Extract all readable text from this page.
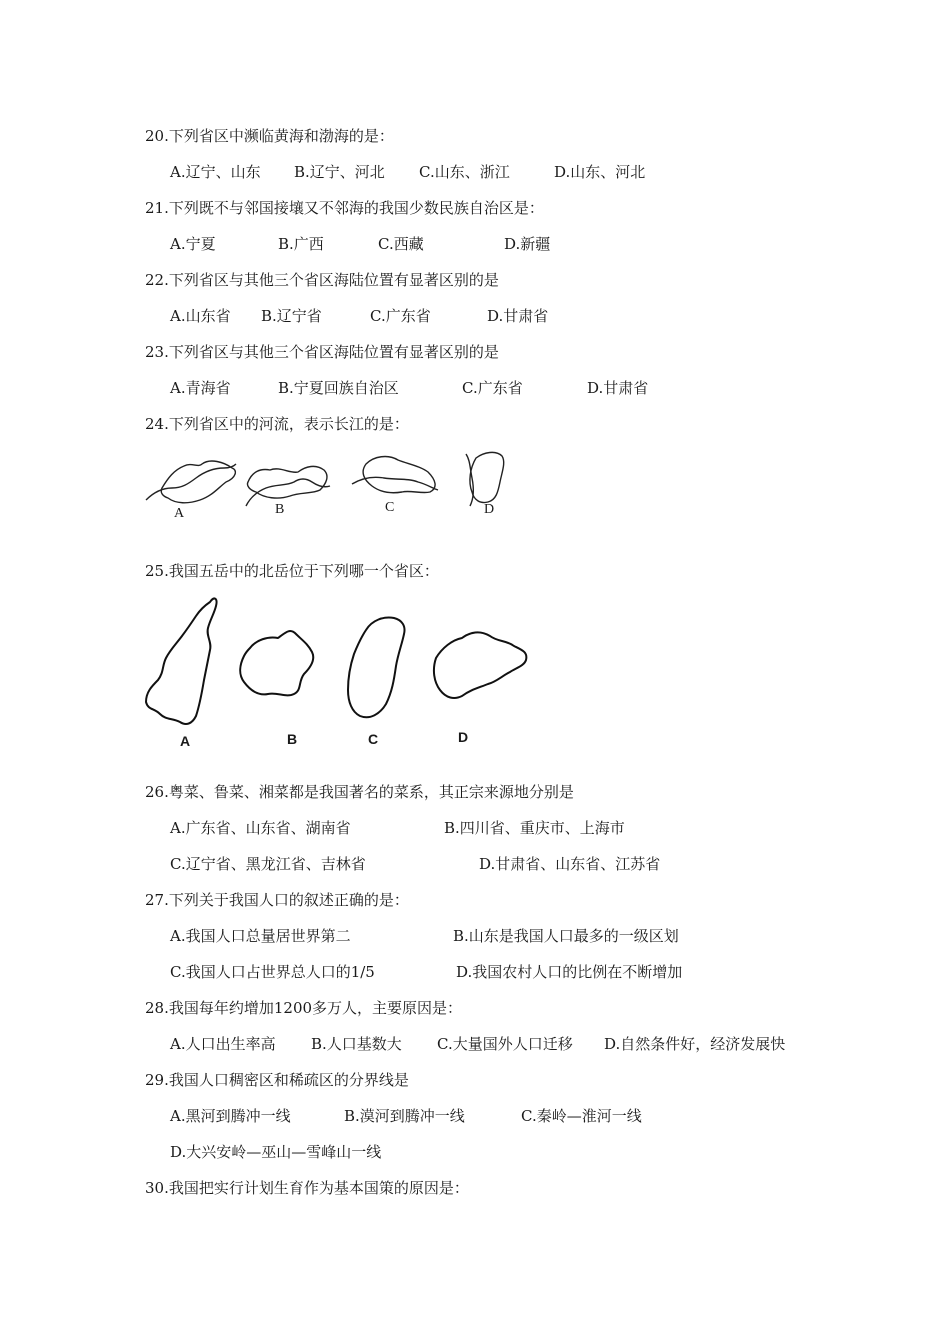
20.下列省区中濒临黄海和渤海的是：
A.辽宁、山东 B.辽宁、河北 C.山东、浙江	D.山东、河北
21.下列既不与邻国接壤又不邻海的我国少数民族自治区是：
A.宁夏	B.广西	C.西藏	D.新疆
22.下列省区与其他三个省区海陆位置有显著区别的是
A.山东省 B.辽宁省	C.广东省	D.甘肃省
23.下列省区与其他三个省区海陆位置有显著区别的是
A.青海省	B.宁夏回族自治区	C.广东省	D.甘肃省
24.下列省区中的河流，表示长江的是：
A	B	C	D
25.我国五岳中的北岳位于下列哪一个省区：
A	B	C	D
26.粤菜、鲁菜、湘菜都是我国著名的菜系，其正宗来源地分别是
A.广东省、山东省、湖南省	B.四川省、重庆市、上海市
C.辽宁省、黑龙江省、吉林省	D.甘肃省、山东省、江苏省
27.下列关于我国人口的叙述正确的是：
A.我国人口总量居世界第二	B.山东是我国人口最多的一级区划
C.我国人口占世界总人口的1/5	D.我国农村人口的比例在不断增加
28.我国每年约增加1200多万人，主要原因是：
A.人口出生率高 B.人口基数大 C.大量国外人口迁移 D.自然条件好，经济发展快
29.我国人口稠密区和稀疏区的分界线是
A.黑河到腾冲一线	B.漠河到腾冲一线	C.秦岭—淮河一线
D.大兴安岭—巫山—雪峰山一线
30.我国把实行计划生育作为基本国策的原因是：
